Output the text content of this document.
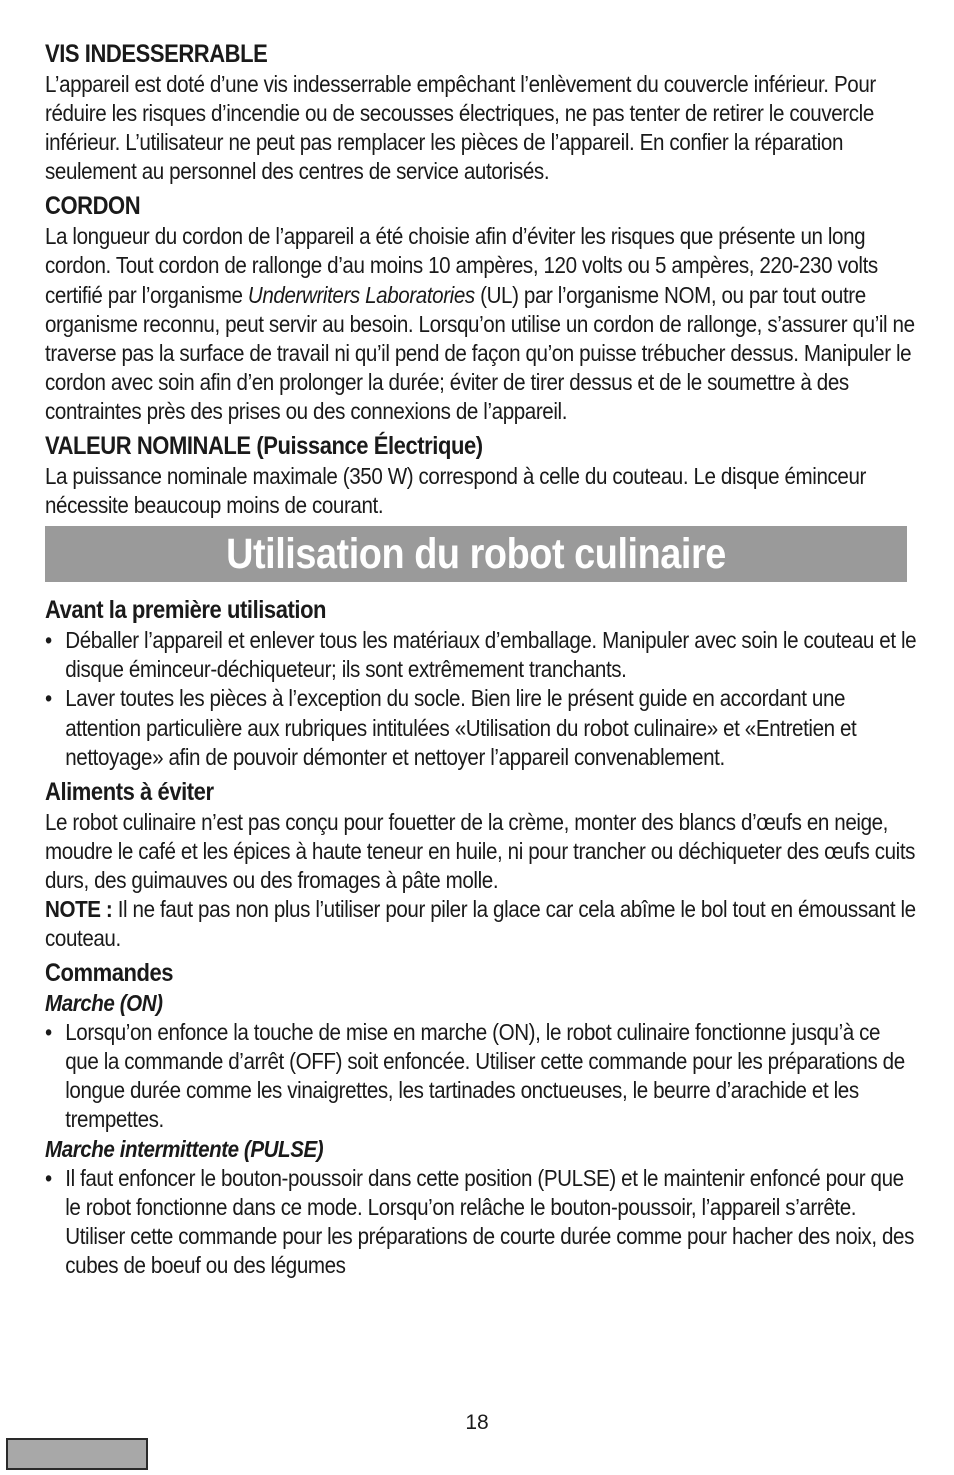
VIS INDESSERRABLE

L’appareil est doté d’une vis indesserrable empêchant l’enlèvement du couvercle inférieur. Pour réduire les risques d’incendie ou de secousses électriques, ne pas tenter de retirer le couvercle inférieur. L’utilisateur ne peut pas remplacer les pièces de l’appareil. En confier la réparation seulement au personnel des centres de service autorisés.

CORDON

La longueur du cordon de l’appareil a été choisie afin d’éviter les risques que présente un long cordon. Tout cordon de rallonge d’au moins 10 ampères, 120 volts ou 5 ampères, 220-230 volts certifié par l’organisme Underwriters Laboratories (UL) par l’organisme NOM, ou par tout outre organisme reconnu, peut servir au besoin. Lorsqu’on utilise un cordon de rallonge, s’assurer qu’il ne traverse pas la surface de travail ni qu’il pend de façon qu’on puisse trébucher dessus. Manipuler le cordon avec soin afin d’en prolonger la durée; éviter de tirer dessus et de le soumettre à des contraintes près des prises ou des connexions de l’appareil.

VALEUR NOMINALE (Puissance Électrique)

La puissance nominale maximale (350 W) correspond à celle du couteau. Le disque éminceur nécessite beaucoup moins de courant.

Utilisation du robot culinaire
Avant la première utilisation
• Déballer l’appareil et enlever tous les matériaux d’emballage. Manipuler avec soin le couteau et le disque éminceur-déchiqueteur; ils sont extrêmement tranchants.
• Laver toutes les pièces à l’exception du socle. Bien lire le présent guide en accordant une attention particulière aux rubriques intitulées «Utilisation du robot culinaire» et «Entretien et nettoyage» afin de pouvoir démonter et nettoyer l’appareil convenablement.
Aliments à éviter

Le robot culinaire n’est pas conçu pour fouetter de la crème, monter des blancs d’œufs en neige, moudre le café et les épices à haute teneur en huile, ni pour trancher ou déchiqueter des œufs cuits durs, des guimauves ou des fromages à pâte molle.

NOTE : Il ne faut pas non plus l’utiliser pour piler la glace car cela abîme le bol tout en émoussant le couteau.

Commandes
Marche (ON)
• Lorsqu’on enfonce la touche de mise en marche (ON), le robot culinaire fonctionne jusqu’à ce que la commande d’arrêt (OFF) soit enfoncée. Utiliser cette commande pour les préparations de longue durée comme les vinaigrettes, les tartinades onctueuses, le beurre d’arachide et les trempettes.
Marche intermittente (PULSE)
• Il faut enfoncer le bouton-poussoir dans cette position (PULSE) et le maintenir enfoncé pour que le robot fonctionne dans ce mode. Lorsqu’on relâche le bouton-poussoir, l’appareil s’arrête. Utiliser cette commande pour les préparations de courte durée comme pour hacher des noix, des cubes de boeuf ou des légumes
18
